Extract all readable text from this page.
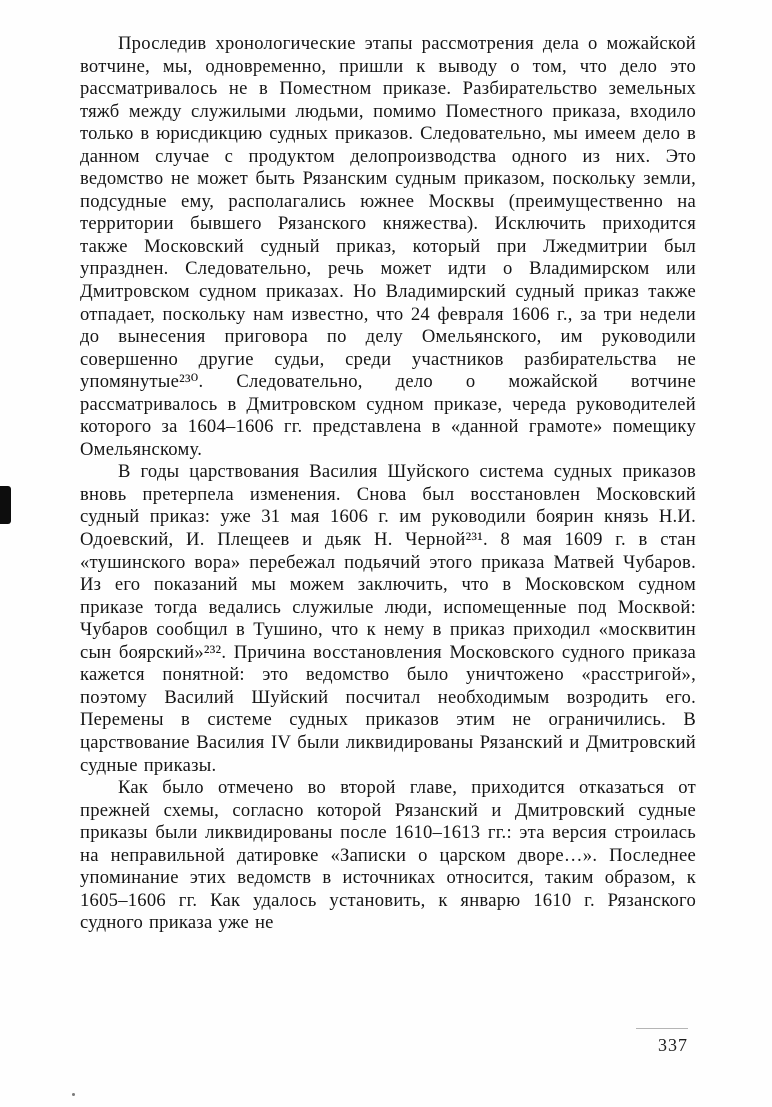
Проследив хронологические этапы рассмотрения дела о можайской вотчине, мы, одновременно, пришли к выводу о том, что дело это рассматривалось не в Поместном приказе. Разбирательство земельных тяжб между служилыми людьми, помимо Поместного приказа, входило только в юрисдикцию судных приказов. Следовательно, мы имеем дело в данном случае с продуктом делопроизводства одного из них. Это ведомство не может быть Рязанским судным приказом, поскольку земли, подсудные ему, располагались южнее Москвы (преимущественно на территории бывшего Рязанского княжества). Исключить приходится также Московский судный приказ, который при Лжедмитрии был упразднен. Следовательно, речь может идти о Владимирском или Дмитровском судном приказах. Но Владимирский судный приказ также отпадает, поскольку нам известно, что 24 февраля 1606 г., за три недели до вынесения приговора по делу Омельянского, им руководили совершенно другие судьи, среди участников разбирательства не упомянутые²³⁰. Следовательно, дело о можайской вотчине рассматривалось в Дмитровском судном приказе, череда руководителей которого за 1604–1606 гг. представлена в «данной грамоте» помещику Омельянскому.

В годы царствования Василия Шуйского система судных приказов вновь претерпела изменения. Снова был восстановлен Московский судный приказ: уже 31 мая 1606 г. им руководили боярин князь Н.И. Одоевский, И. Плещеев и дьяк Н. Черной²³¹. 8 мая 1609 г. в стан «тушинского вора» перебежал подьячий этого приказа Матвей Чубаров. Из его показаний мы можем заключить, что в Московском судном приказе тогда ведались служилые люди, испомещенные под Москвой: Чубаров сообщил в Тушино, что к нему в приказ приходил «москвитин сын боярский»²³². Причина восстановления Московского судного приказа кажется понятной: это ведомство было уничтожено «расстригой», поэтому Василий Шуйский посчитал необходимым возродить его. Перемены в системе судных приказов этим не ограничились. В царствование Василия IV были ликвидированы Рязанский и Дмитровский судные приказы.

Как было отмечено во второй главе, приходится отказаться от прежней схемы, согласно которой Рязанский и Дмитровский судные приказы были ликвидированы после 1610–1613 гг.: эта версия строилась на неправильной датировке «Записки о царском дворе…». Последнее упоминание этих ведомств в источниках относится, таким образом, к 1605–1606 гг. Как удалось установить, к январю 1610 г. Рязанского судного приказа уже не

337
